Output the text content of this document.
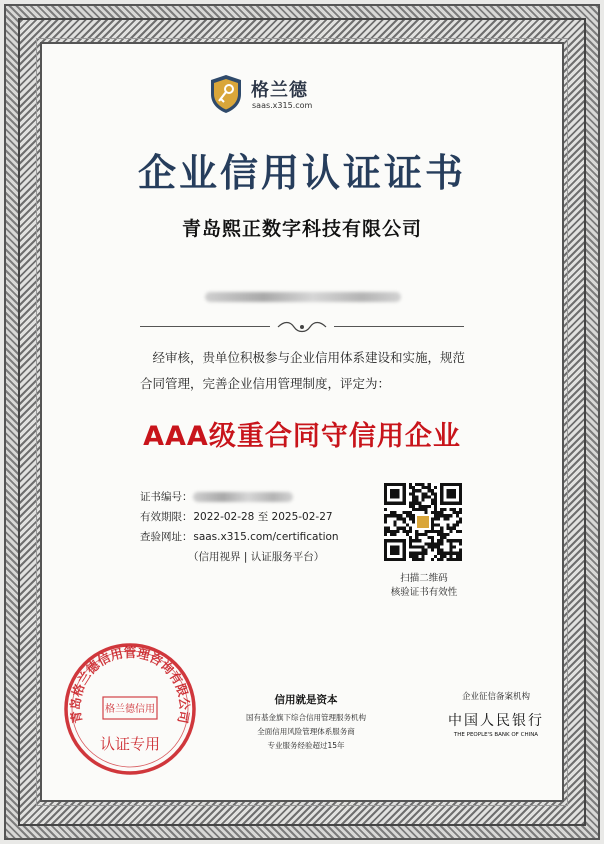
格兰德
saas.x315.com
企业信用认证证书
青岛熙正数字科技有限公司
经审核，贵单位积极参与企业信用体系建设和实施，规范合同管理，完善企业信用管理制度，评定为：
AAA级重合同守信用企业
证书编号：
有效期限： 2022-02-28 至 2025-02-27
查验网址： saas.x315.com/certification
（信用视界 | 认证服务平台）
扫描二维码
核验证书有效性
青岛格兰德信用管理咨询有限公司
格兰德信用
认证专用
信用就是资本
国有基金旗下综合信用管理服务机构
全面信用风险管理体系服务商
专业服务经验超过15年
企业征信备案机构
中国人民银行
THE PEOPLE'S BANK OF CHINA
